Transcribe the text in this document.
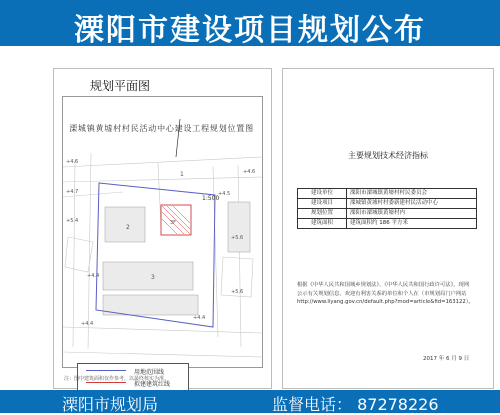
溧阳市建设项目规划公布
规划平面图
1
2
3
3F
+4.6
+4.6
+4.5
+4.4
+4.4
+4.4
+5.6
+5.6
+4.7
+5.4
用地范围线
拟建建筑红线
溧城镇黄墟村村民活动中心建设工程规划位置图
1:500
注：图中建筑面积仅作参考，以最终核实为准。
主要规划技术经济指标
建设单位	溧阳市溧城镇黄墟村村民委员会
建设项目	溧城镇黄墟村村委新建村民活动中心
规划位置	溧阳市溧城镇黄墟村内
建筑面积	建筑面积约 186 平方米
根据《中华人民共和国城乡规划法》、《中华人民共和国行政许可法》，现网
公示有关规划信息，欢迎有利害关系的单位和个人在（市规划局门户网站
http://www.liyang.gov.cn/default.php?mod=article&fid=163122）。
2017 年 6 月 9 日
溧阳市规划局	监督电话： 87278226
